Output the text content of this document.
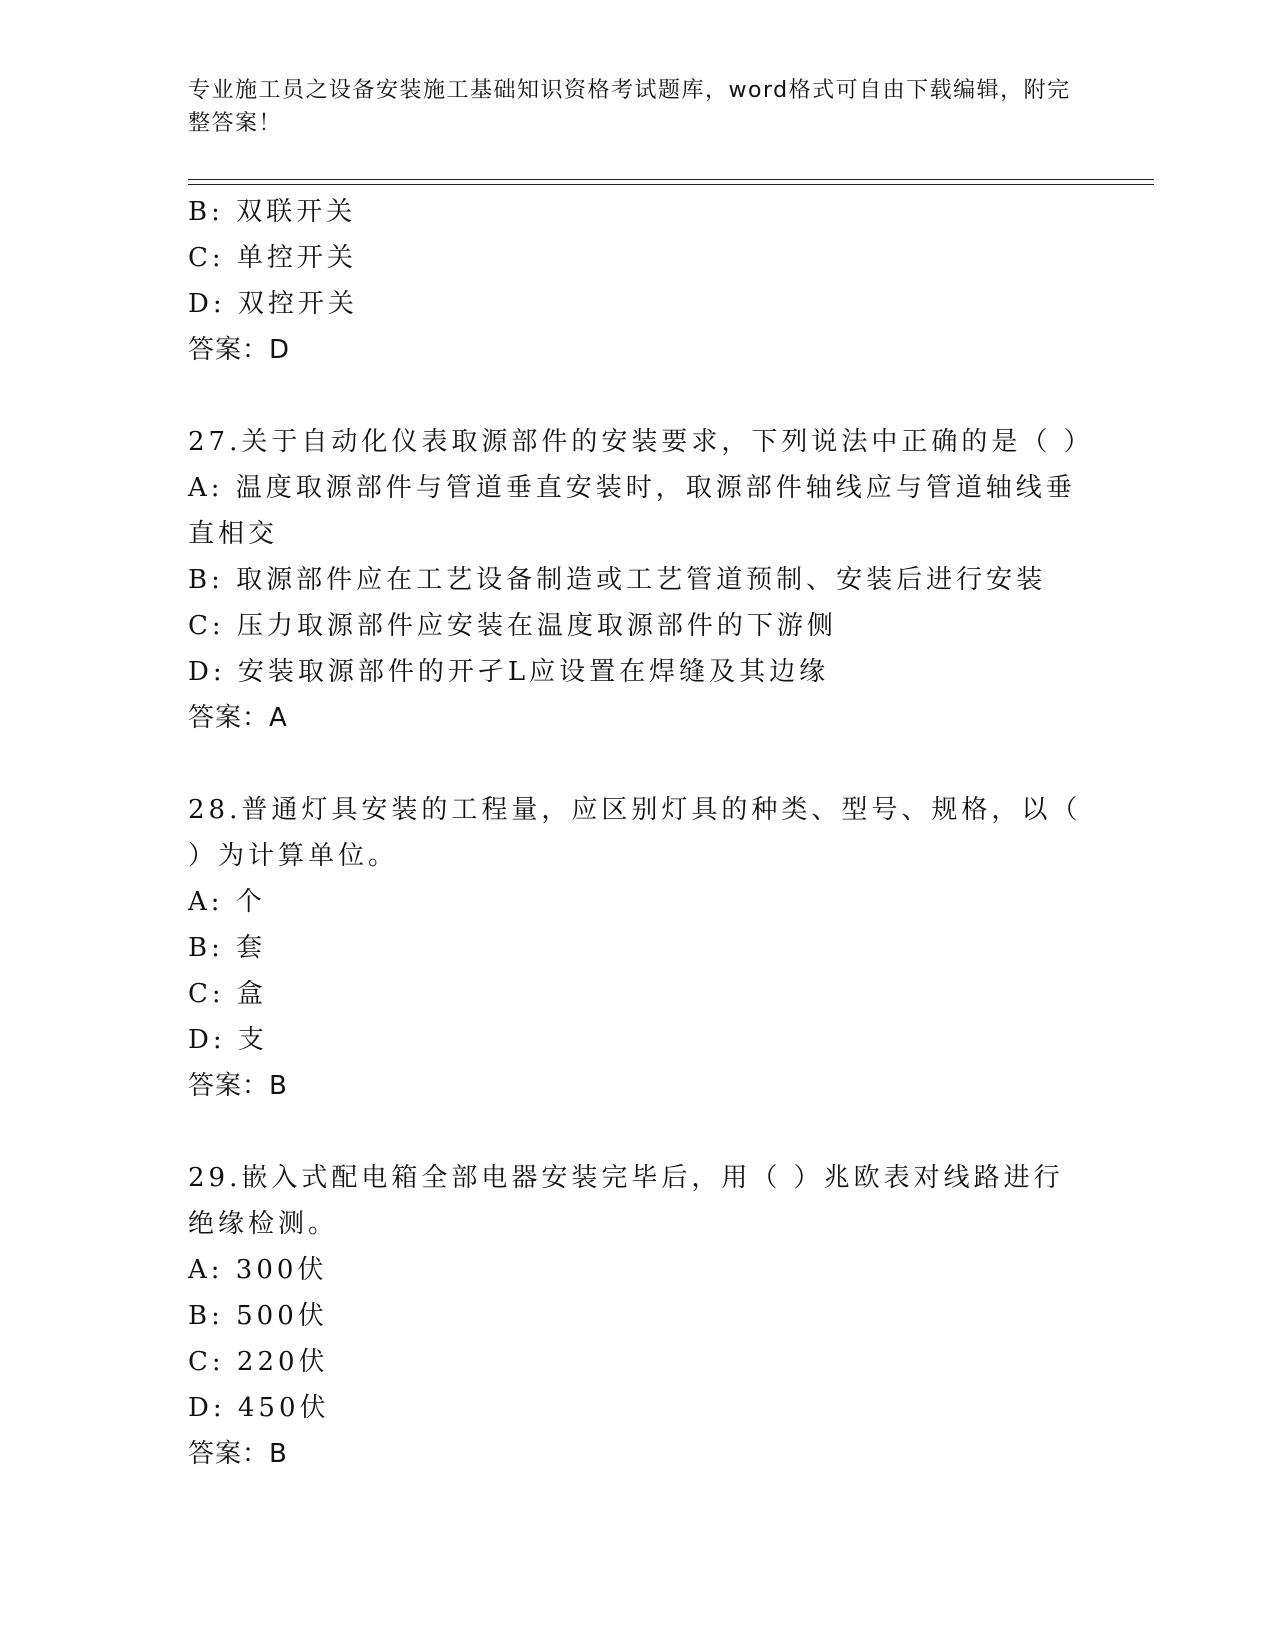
专业施工员之设备安装施工基础知识资格考试题库，word格式可自由下载编辑，附完整答案！
B: 双联开关
C: 单控开关
D: 双控开关
答案：D
27.关于自动化仪表取源部件的安装要求，下列说法中正确的是（ ）
A: 温度取源部件与管道垂直安装时，取源部件轴线应与管道轴线垂直相交
B: 取源部件应在工艺设备制造或工艺管道预制、安装后进行安装
C: 压力取源部件应安装在温度取源部件的下游侧
D: 安装取源部件的开孑L应设置在焊缝及其边缘
答案：A
28.普通灯具安装的工程量，应区别灯具的种类、型号、规格，以（ ）为计算单位。
A: 个
B: 套
C: 盒
D: 支
答案：B
29.嵌入式配电箱全部电器安装完毕后，用（ ）兆欧表对线路进行绝缘检测。
A: 300伏
B: 500伏
C: 220伏
D: 450伏
答案：B
